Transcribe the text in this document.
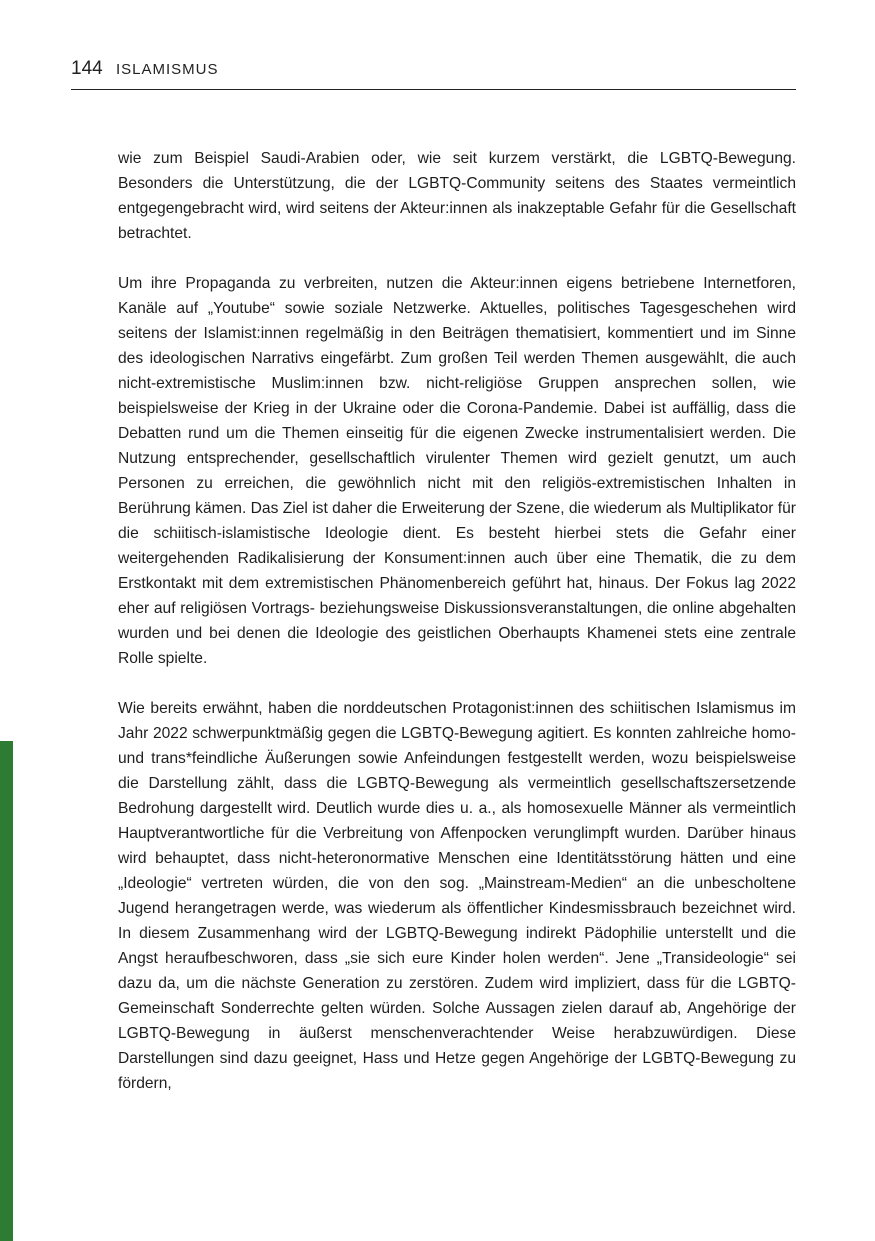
144 ISLAMISMUS

wie zum Beispiel Saudi-Arabien oder, wie seit kurzem verstärkt, die LGBTQ-Bewegung. Besonders die Unterstützung, die der LGBTQ-Community seitens des Staates vermeintlich entgegengebracht wird, wird seitens der Akteur:innen als inakzeptable Gefahr für die Gesellschaft betrachtet.

Um ihre Propaganda zu verbreiten, nutzen die Akteur:innen eigens betriebene Internetforen, Kanäle auf „Youtube“ sowie soziale Netzwerke. Aktuelles, politisches Tagesgeschehen wird seitens der Islamist:innen regelmäßig in den Beiträgen thematisiert, kommentiert und im Sinne des ideologischen Narrativs eingefärbt. Zum großen Teil werden Themen ausgewählt, die auch nicht-extremistische Muslim:innen bzw. nicht-religiöse Gruppen ansprechen sollen, wie beispielsweise der Krieg in der Ukraine oder die Corona-Pandemie. Dabei ist auffällig, dass die Debatten rund um die Themen einseitig für die eigenen Zwecke instrumentalisiert werden. Die Nutzung entsprechender, gesellschaftlich virulenter Themen wird gezielt genutzt, um auch Personen zu erreichen, die gewöhnlich nicht mit den religiös-extremistischen Inhalten in Berührung kämen. Das Ziel ist daher die Erweiterung der Szene, die wiederum als Multiplikator für die schiitisch-islamistische Ideologie dient. Es besteht hierbei stets die Gefahr einer weitergehenden Radikalisierung der Konsument:innen auch über eine Thematik, die zu dem Erstkontakt mit dem extremistischen Phänomenbereich geführt hat, hinaus. Der Fokus lag 2022 eher auf religiösen Vortrags- beziehungsweise Diskussionsveranstaltungen, die online abgehalten wurden und bei denen die Ideologie des geistlichen Oberhaupts Khamenei stets eine zentrale Rolle spielte.

Wie bereits erwähnt, haben die norddeutschen Protagonist:innen des schiitischen Islamismus im Jahr 2022 schwerpunktmäßig gegen die LGBTQ-Bewegung agitiert. Es konnten zahlreiche homo- und trans*feindliche Äußerungen sowie Anfeindungen festgestellt werden, wozu beispielsweise die Darstellung zählt, dass die LGBTQ-Bewegung als vermeintlich gesellschaftszersetzende Bedrohung dargestellt wird. Deutlich wurde dies u. a., als homosexuelle Männer als vermeintlich Hauptverantwortliche für die Verbreitung von Affenpocken verunglimpft wurden. Darüber hinaus wird behauptet, dass nicht-heteronormative Menschen eine Identitätsstörung hätten und eine „Ideologie“ vertreten würden, die von den sog. „Mainstream-Medien“ an die unbescholtene Jugend herangetragen werde, was wiederum als öffentlicher Kindesmissbrauch bezeichnet wird. In diesem Zusammenhang wird der LGBTQ-Bewegung indirekt Pädophilie unterstellt und die Angst heraufbeschworen, dass „sie sich eure Kinder holen werden“. Jene „Transideologie“ sei dazu da, um die nächste Generation zu zerstören. Zudem wird impliziert, dass für die LGBTQ-Gemeinschaft Sonderrechte gelten würden. Solche Aussagen zielen darauf ab, Angehörige der LGBTQ-Bewegung in äußerst menschenverachtender Weise herabzuwürdigen. Diese Darstellungen sind dazu geeignet, Hass und Hetze gegen Angehörige der LGBTQ-Bewegung zu fördern,
